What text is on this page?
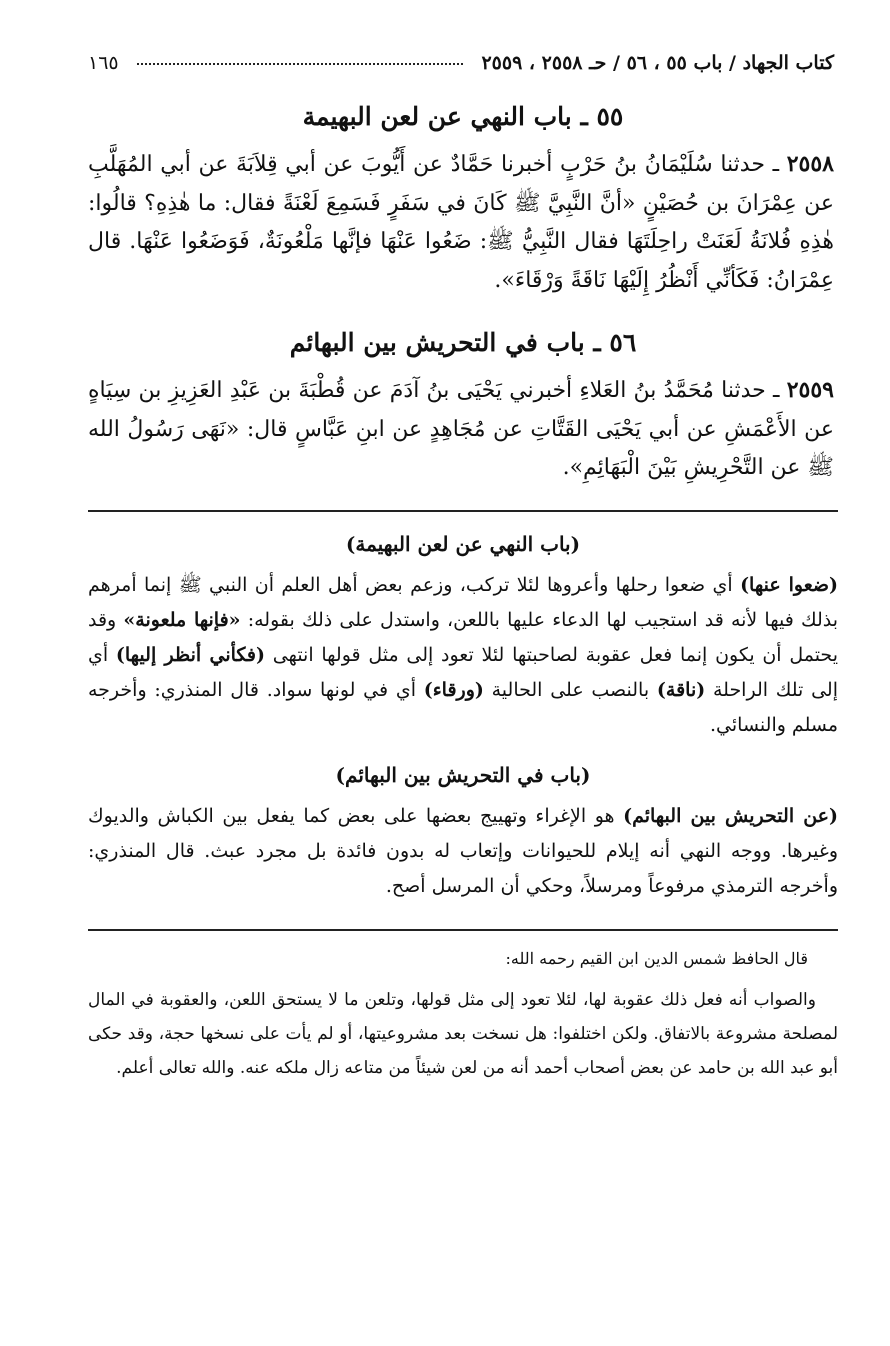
كتاب الجهاد / باب ٥٥ ، ٥٦ / حـ ٢٥٥٨ ، ٢٥٥٩
١٦٥
٥٥ ـ باب النهي عن لعن البهيمة

٢٥٥٨ ـ حدثنا سُلَيْمَانُ بنُ حَرْبٍ أخبرنا حَمَّادٌ عن أَيُّوبَ عن أبي قِلاَبَةَ عن أبي المُهَلَّبِ عن عِمْرَانَ بن حُصَيْنٍ «أنَّ النَّبِيَّ ﷺ كَانَ في سَفَرٍ فَسَمِعَ لَعْنَةً فقال: ما هٰذِهِ؟ قالُوا: هٰذِهِ فُلانَةُ لَعَنَتْ راحِلَتَهَا فقال النَّبِيُّ ﷺ: ضَعُوا عَنْهَا فإنَّها مَلْعُونَةٌ، فَوَضَعُوا عَنْهَا. قال عِمْرَانُ: فَكَأنِّي أَنْظُرُ إِلَيْهَا نَاقَةً وَرْقَاءَ».

٥٦ ـ باب في التحريش بين البهائم

٢٥٥٩ ـ حدثنا مُحَمَّدُ بنُ العَلاءِ أخبرني يَحْيَى بنُ آدَمَ عن قُطْبَةَ بن عَبْدِ العَزِيزِ بن سِيَاهٍ عن الأَعْمَشِ عن أبي يَحْيَى القَتَّاتِ عن مُجَاهِدٍ عن ابنِ عَبَّاسٍ قال: «نَهَى رَسُولُ الله ﷺ عن التَّحْرِيشِ بَيْنَ الْبَهَائِمِ».

(باب النهي عن لعن البهيمة)

(ضعوا عنها) أي ضعوا رحلها وأعروها لئلا تركب، وزعم بعض أهل العلم أن النبي ﷺ إنما أمرهم بذلك فيها لأنه قد استجيب لها الدعاء عليها باللعن، واستدل على ذلك بقوله: «فإنها ملعونة» وقد يحتمل أن يكون إنما فعل عقوبة لصاحبتها لئلا تعود إلى مثل قولها انتهى (فكأني أنظر إليها) أي إلى تلك الراحلة (ناقة) بالنصب على الحالية (ورقاء) أي في لونها سواد. قال المنذري: وأخرجه مسلم والنسائي.

(باب في التحريش بين البهائم)

(عن التحريش بين البهائم) هو الإغراء وتهييج بعضها على بعض كما يفعل بين الكباش والديوك وغيرها. ووجه النهي أنه إيلام للحيوانات وإتعاب له بدون فائدة بل مجرد عبث. قال المنذري: وأخرجه الترمذي مرفوعاً ومرسلاً، وحكي أن المرسل أصح.

قال الحافظ شمس الدين ابن القيم رحمه الله:

والصواب أنه فعل ذلك عقوبة لها، لئلا تعود إلى مثل قولها، وتلعن ما لا يستحق اللعن، والعقوبة في المال لمصلحة مشروعة بالاتفاق. ولكن اختلفوا: هل نسخت بعد مشروعيتها، أو لم يأت على نسخها حجة، وقد حكى أبو عبد الله بن حامد عن بعض أصحاب أحمد أنه من لعن شيئاً من متاعه زال ملكه عنه. والله تعالى أعلم.
